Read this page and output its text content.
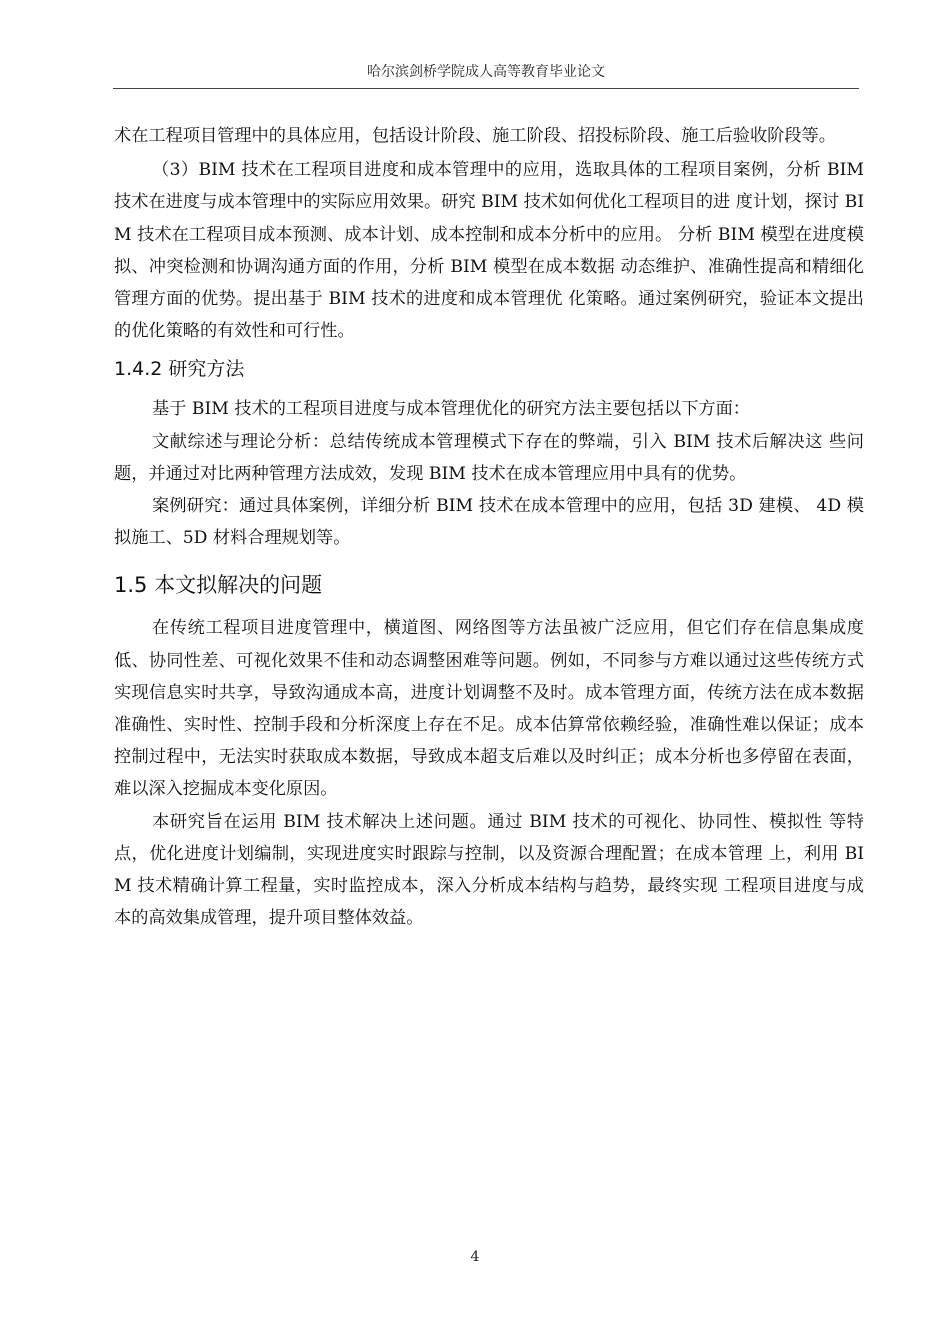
哈尔滨剑桥学院成人高等教育毕业论文

术在工程项目管理中的具体应用，包括设计阶段、施工阶段、招投标阶段、施工后验收阶段等。

（3）BIM 技术在工程项目进度和成本管理中的应用，选取具体的工程项目案例，分析 BIM 技术在进度与成本管理中的实际应用效果。研究 BIM 技术如何优化工程项目的进 度计划，探讨 BIM 技术在工程项目成本预测、成本计划、成本控制和成本分析中的应用。 分析 BIM 模型在进度模拟、冲突检测和协调沟通方面的作用，分析 BIM 模型在成本数据 动态维护、准确性提高和精细化管理方面的优势。提出基于 BIM 技术的进度和成本管理优 化策略。通过案例研究，验证本文提出的优化策略的有效性和可行性。

1.4.2 研究方法

基于 BIM 技术的工程项目进度与成本管理优化的研究方法主要包括以下方面：

文献综述与理论分析：总结传统成本管理模式下存在的弊端，引入 BIM 技术后解决这 些问题，并通过对比两种管理方法成效，发现 BIM 技术在成本管理应用中具有的优势。

案例研究：通过具体案例，详细分析 BIM 技术在成本管理中的应用，包括 3D 建模、 4D 模拟施工、5D 材料合理规划等。

1.5 本文拟解决的问题

在传统工程项目进度管理中，横道图、网络图等方法虽被广泛应用，但它们存在信息集成度低、协同性差、可视化效果不佳和动态调整困难等问题。例如，不同参与方难以通过这些传统方式实现信息实时共享，导致沟通成本高，进度计划调整不及时。成本管理方面，传统方法在成本数据准确性、实时性、控制手段和分析深度上存在不足。成本估算常依赖经验，准确性难以保证；成本控制过程中，无法实时获取成本数据，导致成本超支后难以及时纠正；成本分析也多停留在表面，难以深入挖掘成本变化原因。

本研究旨在运用 BIM 技术解决上述问题。通过 BIM 技术的可视化、协同性、模拟性 等特点，优化进度计划编制，实现进度实时跟踪与控制，以及资源合理配置；在成本管理 上，利用 BIM 技术精确计算工程量，实时监控成本，深入分析成本结构与趋势，最终实现 工程项目进度与成本的高效集成管理，提升项目整体效益。

4
